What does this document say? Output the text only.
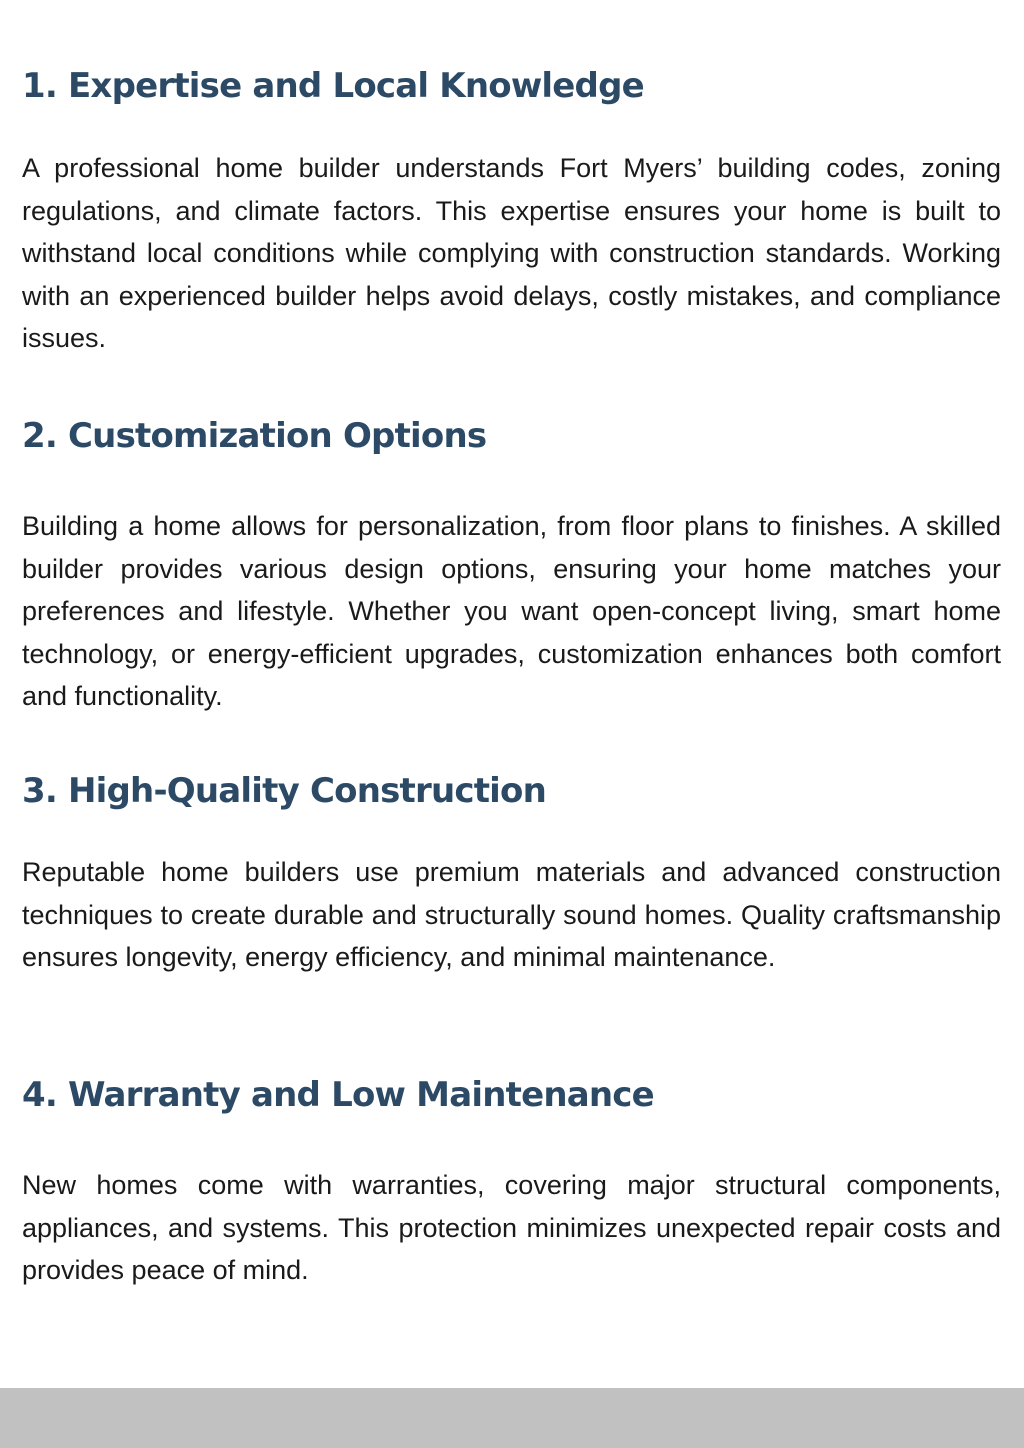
1. Expertise and Local Knowledge

A professional home builder understands Fort Myers’ building codes, zoning regulations, and climate factors. This expertise ensures your home is built to withstand local conditions while complying with construction standards. Working with an experienced builder helps avoid delays, costly mistakes, and compliance issues.

2. Customization Options

Building a home allows for personalization, from floor plans to finishes. A skilled builder provides various design options, ensuring your home matches your preferences and lifestyle. Whether you want open-concept living, smart home technology, or energy-efficient upgrades, customization enhances both comfort and functionality.

3. High-Quality Construction

Reputable home builders use premium materials and advanced construction techniques to create durable and structurally sound homes. Quality craftsmanship ensures longevity, energy efficiency, and minimal maintenance.

4. Warranty and Low Maintenance

New homes come with warranties, covering major structural components, appliances, and systems. This protection minimizes unexpected repair costs and provides peace of mind.
